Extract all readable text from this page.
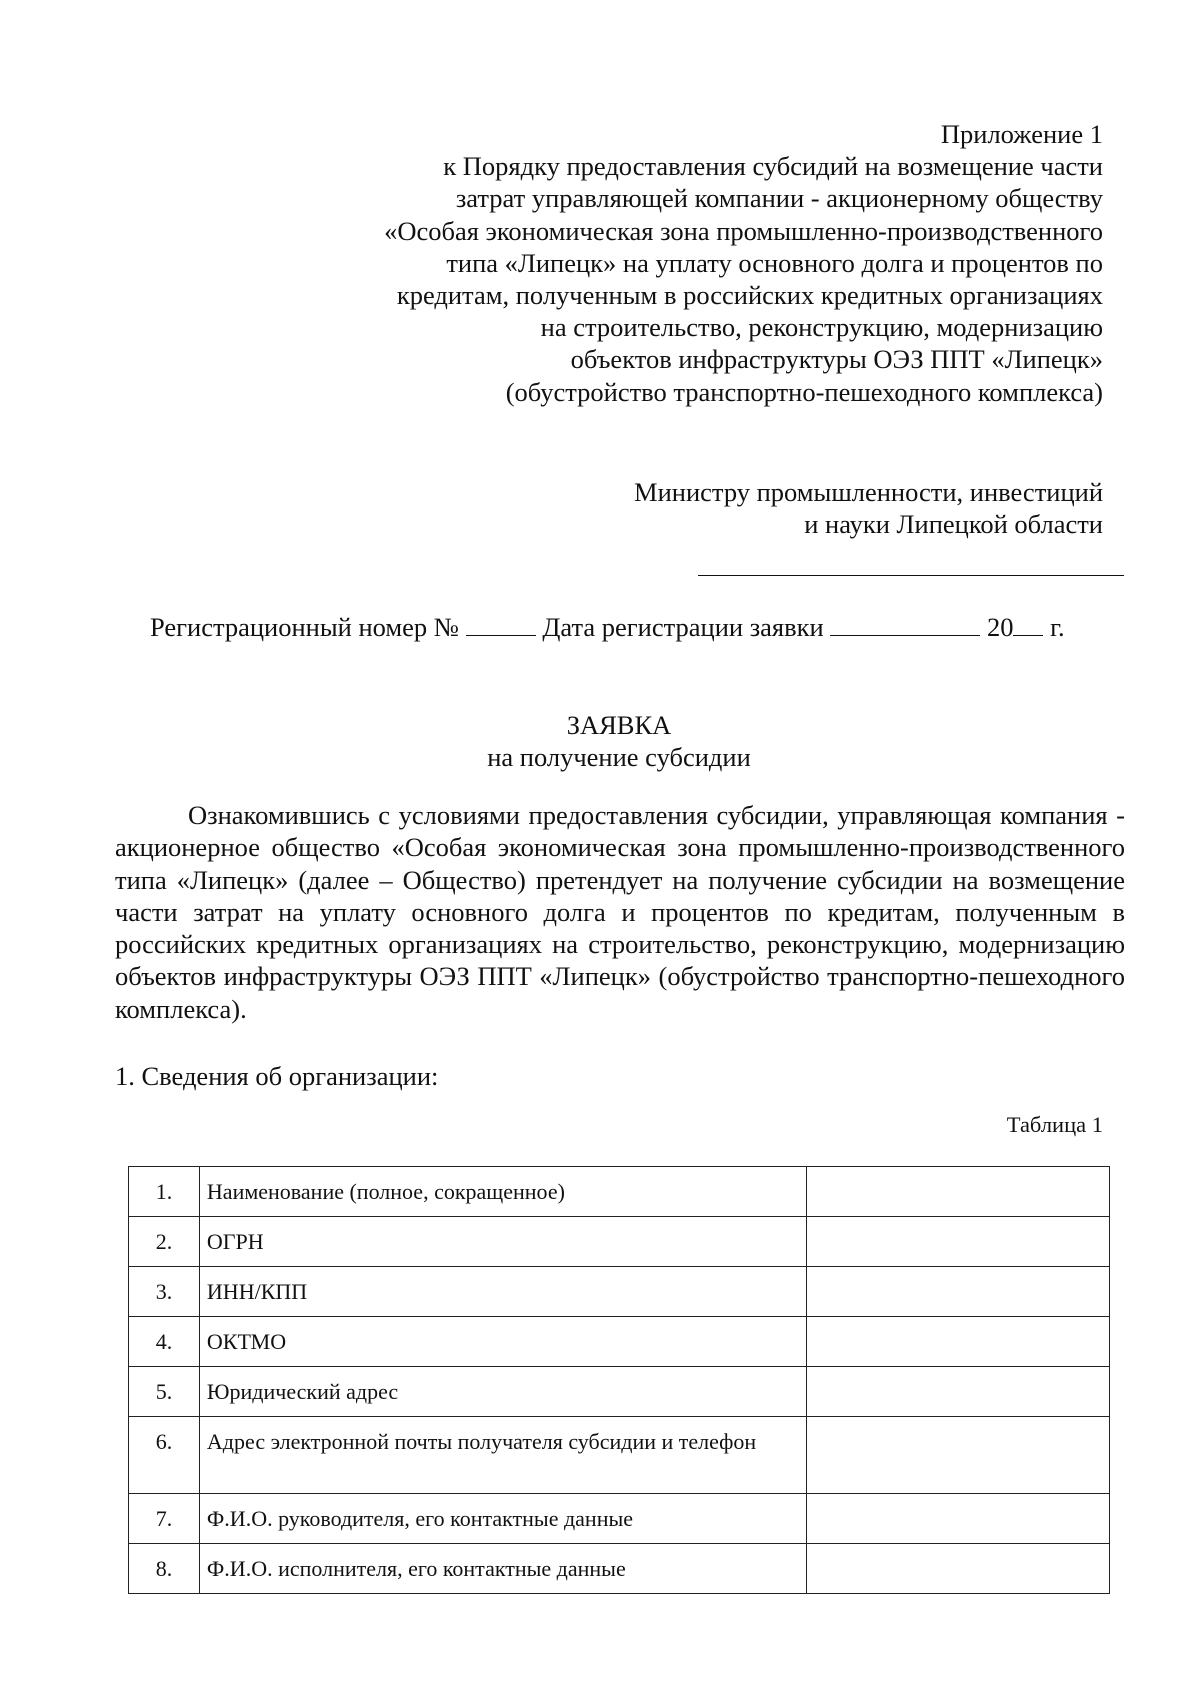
Приложение 1
к Порядку предоставления субсидий на возмещение части
затрат управляющей компании - акционерному обществу
«Особая экономическая зона промышленно-производственного
типа «Липецк» на уплату основного долга и процентов по
кредитам, полученным в российских кредитных организациях
на строительство, реконструкцию, модернизацию
объектов инфраструктуры ОЭЗ ППТ «Липецк»
(обустройство транспортно-пешеходного комплекса)
Министру промышленности, инвестиций
и науки Липецкой области
Регистрационный номер №	Дата регистрации заявки	20 г.
ЗАЯВКА
на получение субсидии
Ознакомившись с условиями предоставления субсидии, управляющая компания - акционерное общество «Особая экономическая зона промышленно-производственного типа «Липецк» (далее – Общество) претендует на получение субсидии на возмещение части затрат на уплату основного долга и процентов по кредитам, полученным в российских кредитных организациях на строительство, реконструкцию, модернизацию объектов инфраструктуры ОЭЗ ППТ «Липецк» (обустройство транспортно-пешеходного комплекса).
1. Сведения об организации:
Таблица 1
1.	Наименование (полное, сокращенное)	
2.	ОГРН	
3.	ИНН/КПП	
4.	ОКТМО	
5.	Юридический адрес	
6.	Адрес электронной почты получателя субсидии и телефон	
7.	Ф.И.О. руководителя, его контактные данные	
8.	Ф.И.О. исполнителя, его контактные данные	
